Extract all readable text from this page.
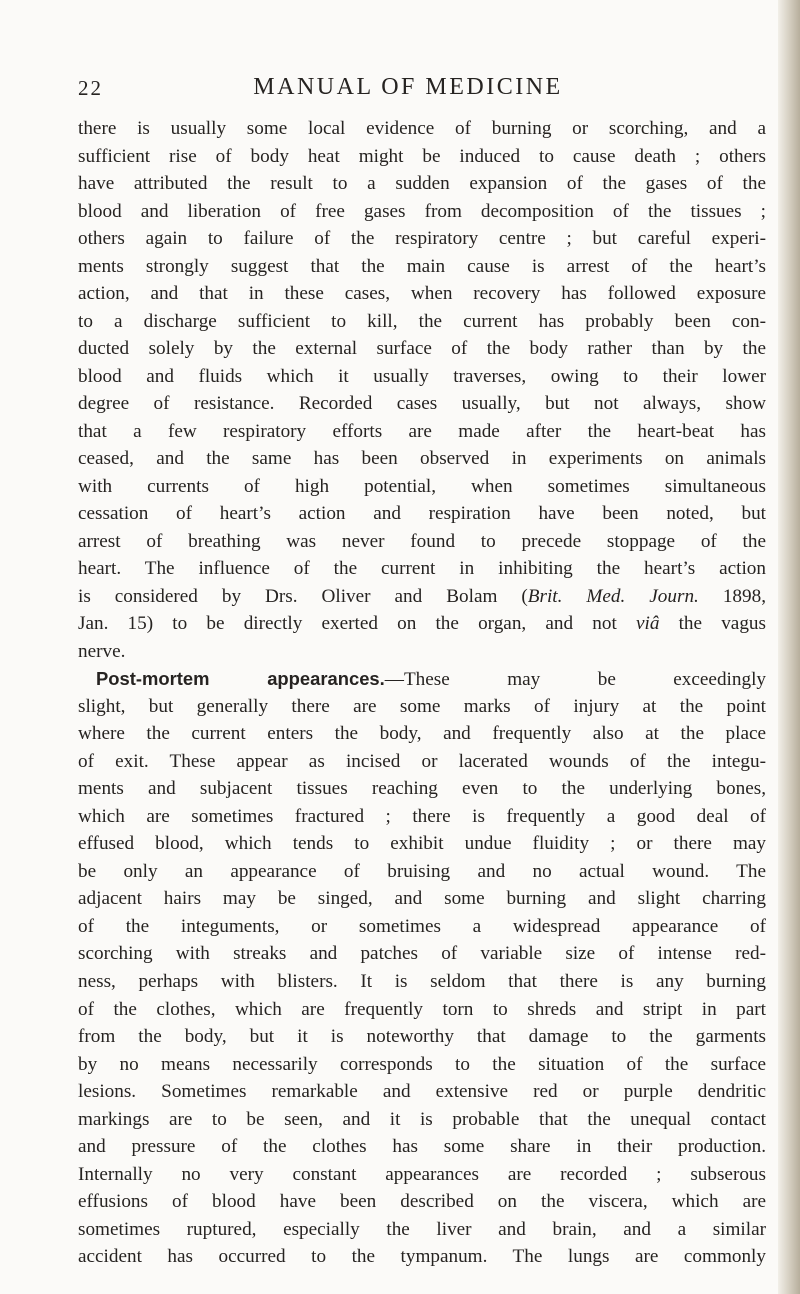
22	MANUAL OF MEDICINE
there is usually some local evidence of burning or scorching, and a
sufficient rise of body heat might be induced to cause death ; others
have attributed the result to a sudden expansion of the gases of the
blood and liberation of free gases from decomposition of the tissues ;
others again to failure of the respiratory centre ; but careful experi-
ments strongly suggest that the main cause is arrest of the heart’s
action, and that in these cases, when recovery has followed exposure
to a discharge sufficient to kill, the current has probably been con-
ducted solely by the external surface of the body rather than by the
blood and fluids which it usually traverses, owing to their lower
degree of resistance. Recorded cases usually, but not always, show
that a few respiratory efforts are made after the heart-beat has
ceased, and the same has been observed in experiments on animals
with currents of high potential, when sometimes simultaneous
cessation of heart’s action and respiration have been noted, but
arrest of breathing was never found to precede stoppage of the
heart. The influence of the current in inhibiting the heart’s action
is considered by Drs. Oliver and Bolam (Brit. Med. Journ. 1898,
Jan. 15) to be directly exerted on the organ, and not viâ the vagus
nerve.
Post-mortem appearances.—These may be exceedingly
slight, but generally there are some marks of injury at the point
where the current enters the body, and frequently also at the place
of exit. These appear as incised or lacerated wounds of the integu-
ments and subjacent tissues reaching even to the underlying bones,
which are sometimes fractured ; there is frequently a good deal of
effused blood, which tends to exhibit undue fluidity ; or there may
be only an appearance of bruising and no actual wound. The
adjacent hairs may be singed, and some burning and slight charring
of the integuments, or sometimes a widespread appearance of
scorching with streaks and patches of variable size of intense red-
ness, perhaps with blisters. It is seldom that there is any burning
of the clothes, which are frequently torn to shreds and stript in part
from the body, but it is noteworthy that damage to the garments
by no means necessarily corresponds to the situation of the surface
lesions. Sometimes remarkable and extensive red or purple dendritic
markings are to be seen, and it is probable that the unequal contact
and pressure of the clothes has some share in their production.
Internally no very constant appearances are recorded ; subserous
effusions of blood have been described on the viscera, which are
sometimes ruptured, especially the liver and brain, and a similar
accident has occurred to the tympanum. The lungs are commonly
